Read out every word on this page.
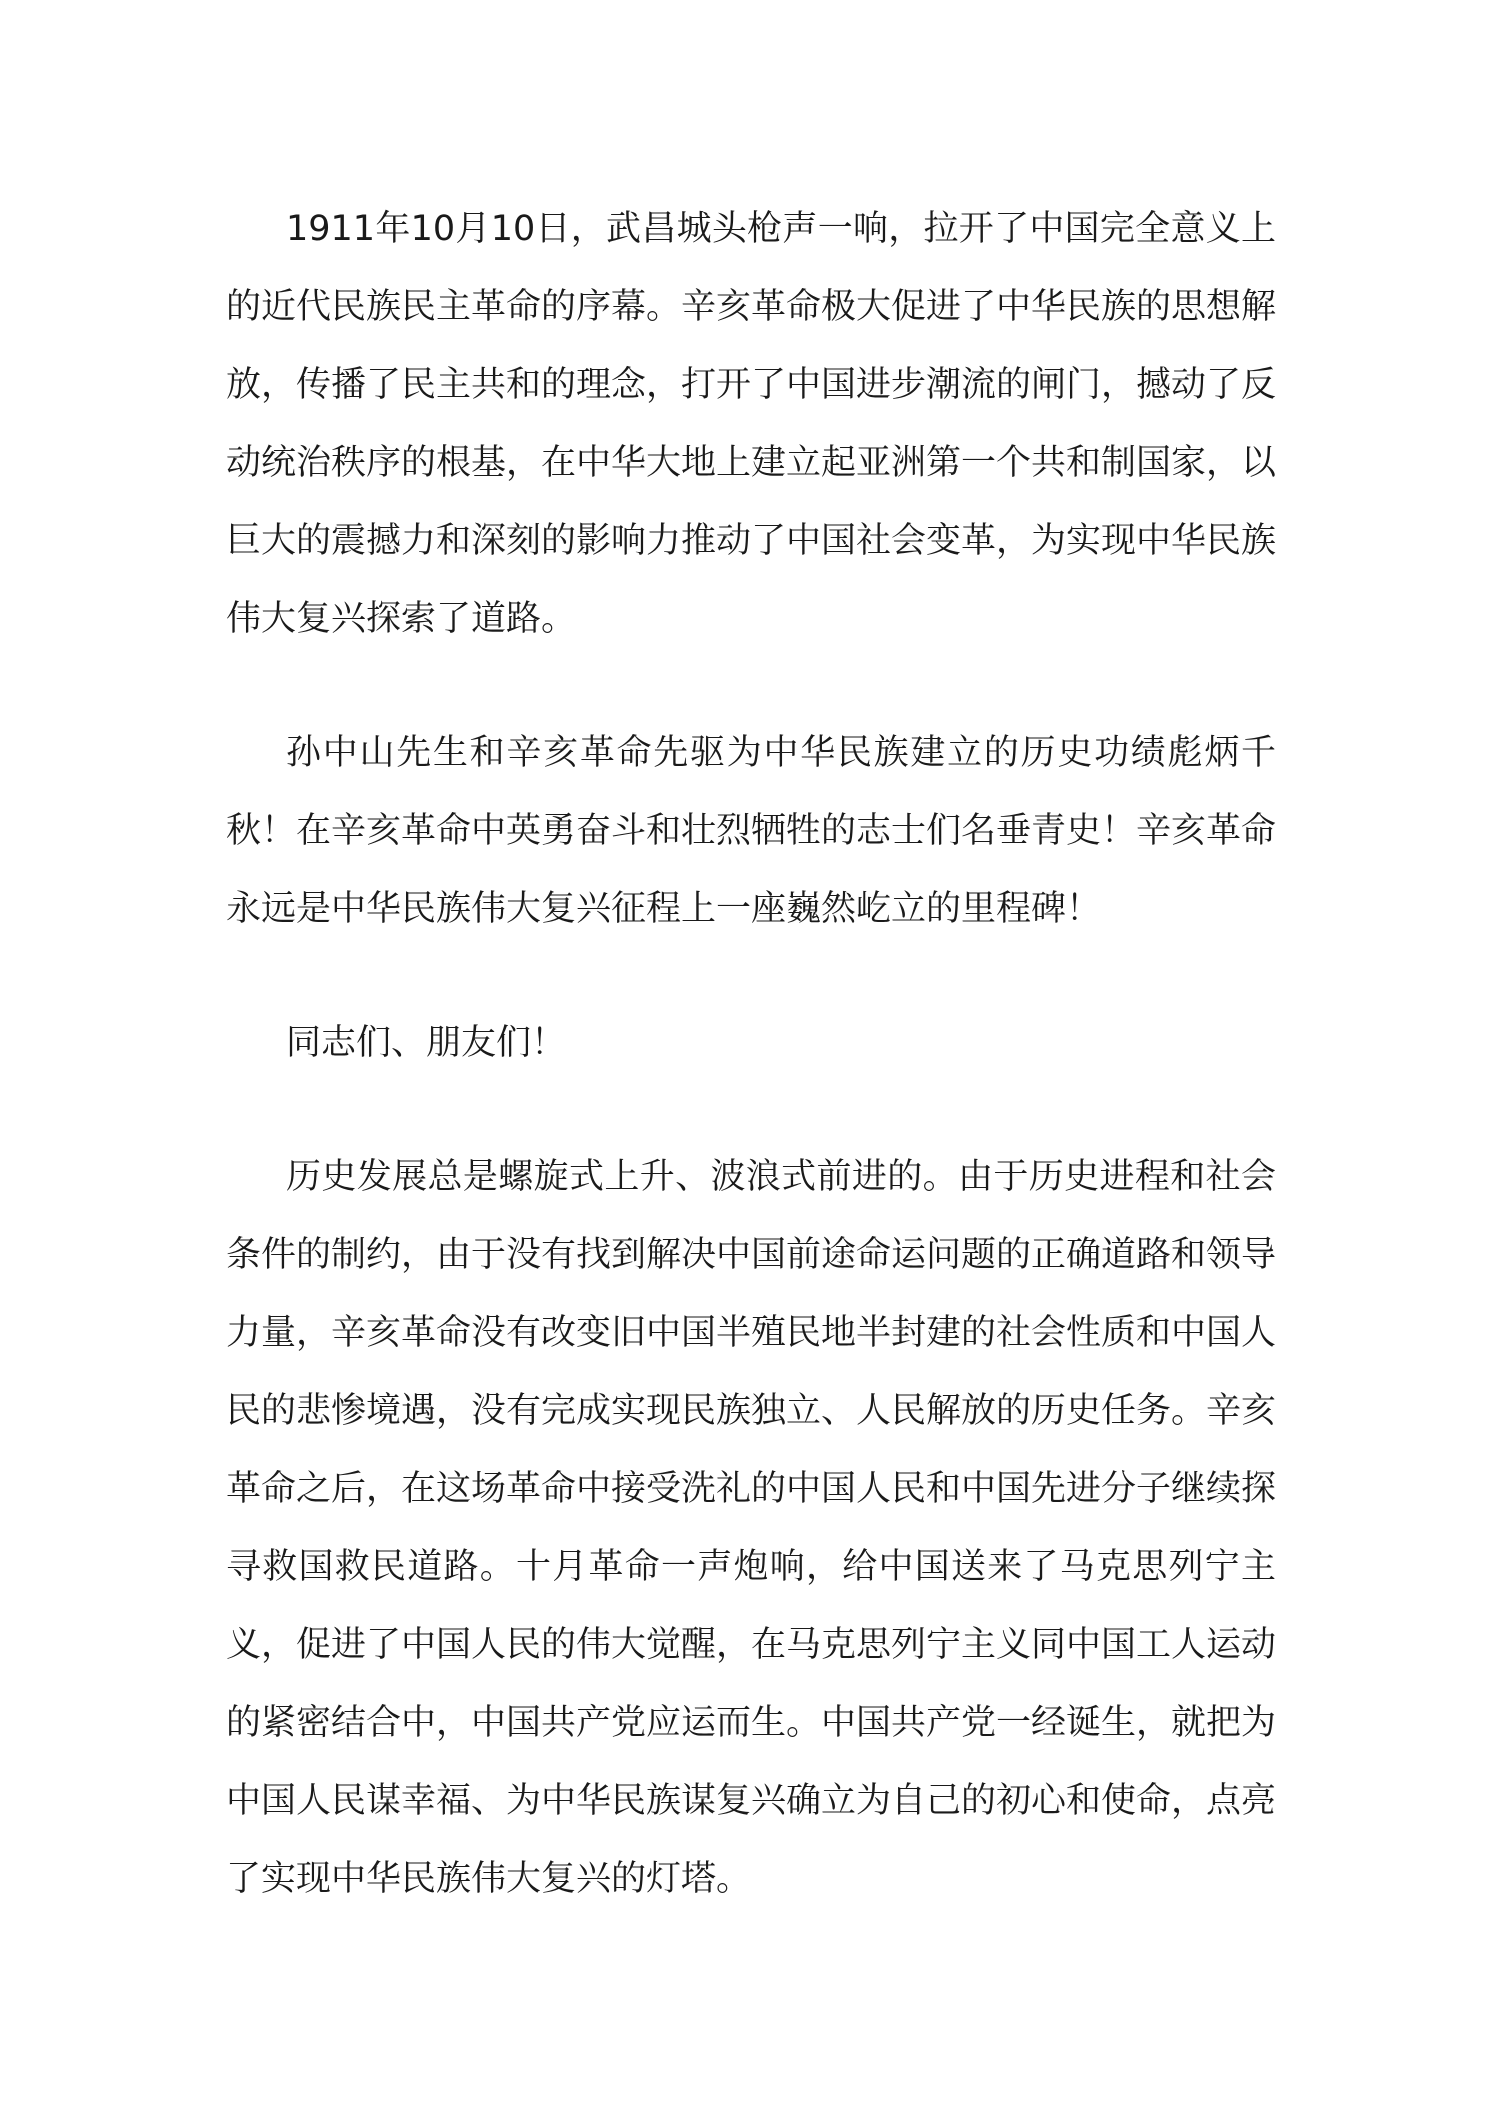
1911年10月10日，武昌城头枪声一响，拉开了中国完全意义上的近代民族民主革命的序幕。辛亥革命极大促进了中华民族的思想解放，传播了民主共和的理念，打开了中国进步潮流的闸门，撼动了反动统治秩序的根基，在中华大地上建立起亚洲第一个共和制国家，以巨大的震撼力和深刻的影响力推动了中国社会变革，为实现中华民族伟大复兴探索了道路。

孙中山先生和辛亥革命先驱为中华民族建立的历史功绩彪炳千秋！在辛亥革命中英勇奋斗和壮烈牺牲的志士们名垂青史！辛亥革命永远是中华民族伟大复兴征程上一座巍然屹立的里程碑！

同志们、朋友们！

历史发展总是螺旋式上升、波浪式前进的。由于历史进程和社会条件的制约，由于没有找到解决中国前途命运问题的正确道路和领导力量，辛亥革命没有改变旧中国半殖民地半封建的社会性质和中国人民的悲惨境遇，没有完成实现民族独立、人民解放的历史任务。辛亥革命之后，在这场革命中接受洗礼的中国人民和中国先进分子继续探寻救国救民道路。十月革命一声炮响，给中国送来了马克思列宁主义，促进了中国人民的伟大觉醒，在马克思列宁主义同中国工人运动的紧密结合中，中国共产党应运而生。中国共产党一经诞生，就把为中国人民谋幸福、为中华民族谋复兴确立为自己的初心和使命，点亮了实现中华民族伟大复兴的灯塔。
